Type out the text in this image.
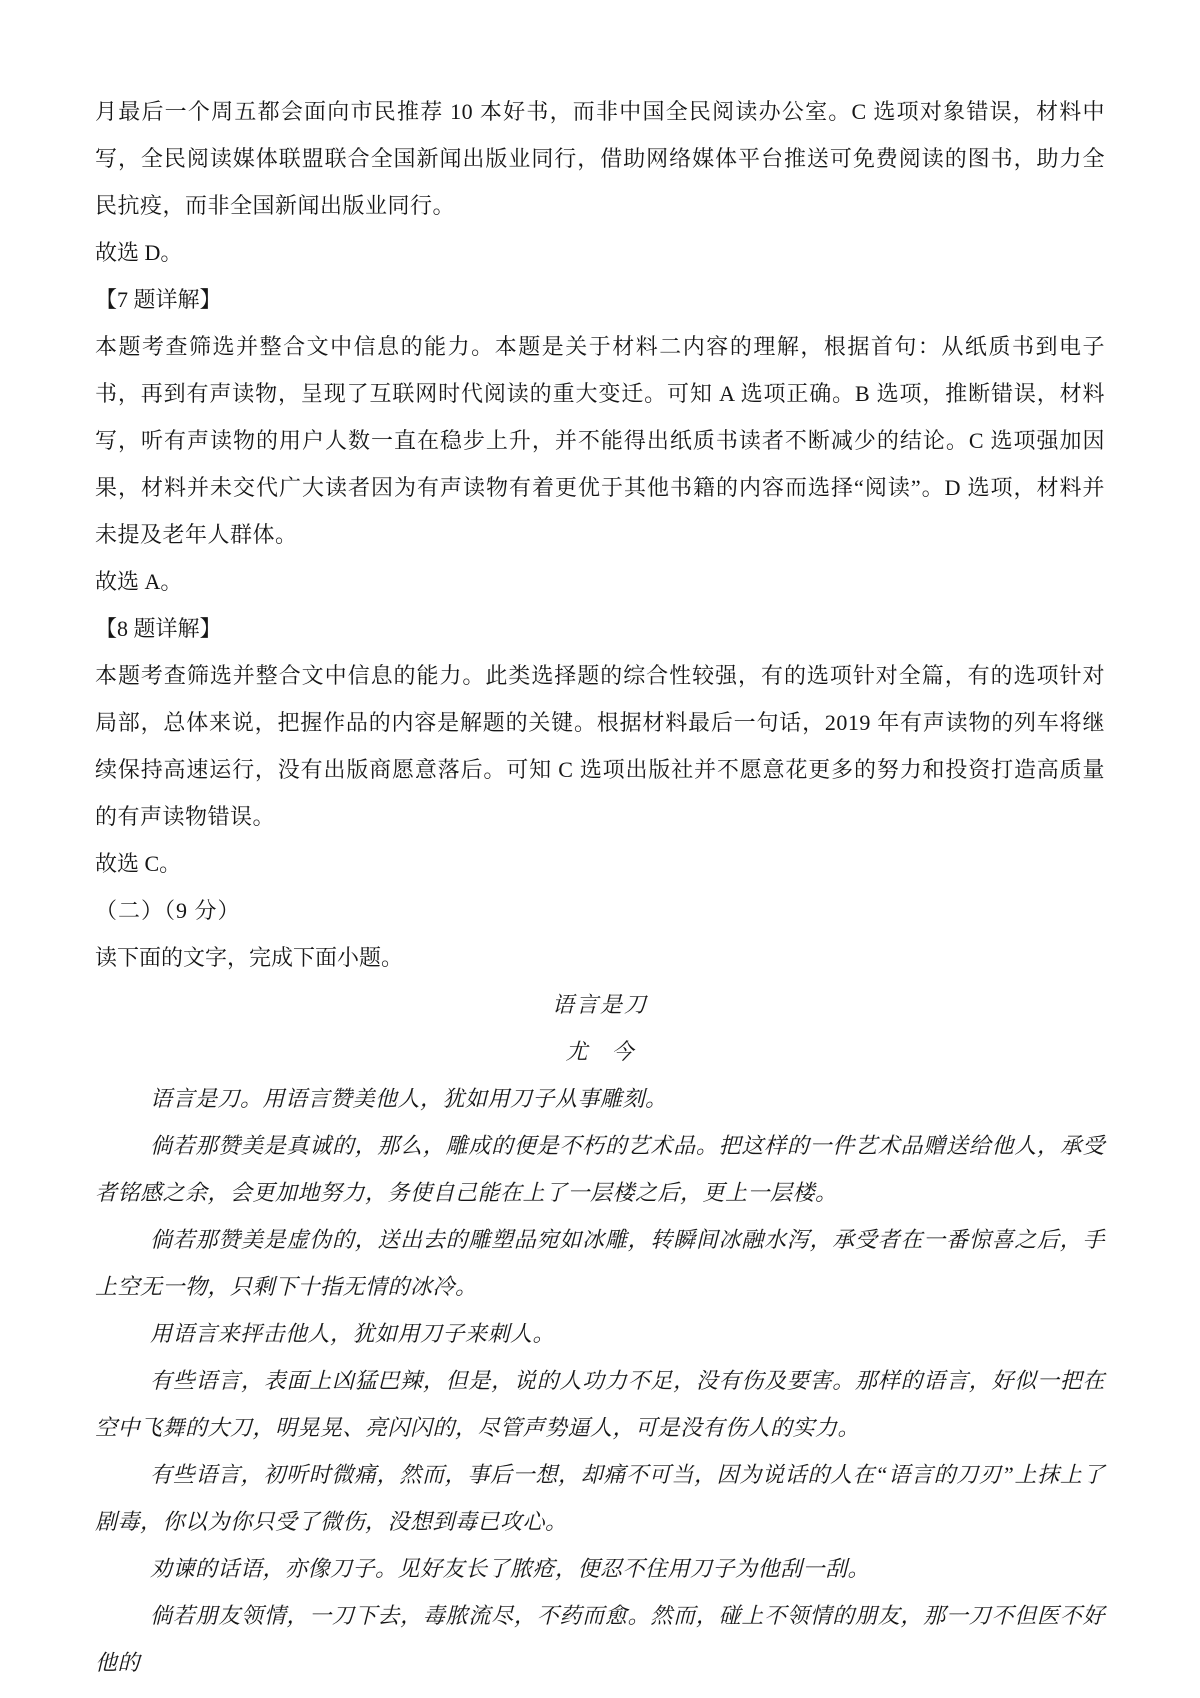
月最后一个周五都会面向市民推荐 10 本好书，而非中国全民阅读办公室。C 选项对象错误，材料中写，全民阅读媒体联盟联合全国新闻出版业同行，借助网络媒体平台推送可免费阅读的图书，助力全民抗疫，而非全国新闻出版业同行。

故选 D。

【7 题详解】

本题考查筛选并整合文中信息的能力。本题是关于材料二内容的理解，根据首句：从纸质书到电子书，再到有声读物，呈现了互联网时代阅读的重大变迁。可知 A 选项正确。B 选项，推断错误，材料写，听有声读物的用户人数一直在稳步上升，并不能得出纸质书读者不断减少的结论。C 选项强加因果，材料并未交代广大读者因为有声读物有着更优于其他书籍的内容而选择“阅读”。D 选项，材料并未提及老年人群体。

故选 A。

【8 题详解】

本题考查筛选并整合文中信息的能力。此类选择题的综合性较强，有的选项针对全篇，有的选项针对局部，总体来说，把握作品的内容是解题的关键。根据材料最后一句话，2019 年有声读物的列车将继续保持高速运行，没有出版商愿意落后。可知 C 选项出版社并不愿意花更多的努力和投资打造高质量的有声读物错误。

故选 C。

（二）（9 分）

读下面的文字，完成下面小题。

语言是刀

尤　今

语言是刀。用语言赞美他人，犹如用刀子从事雕刻。

倘若那赞美是真诚的，那么，雕成的便是不朽的艺术品。把这样的一件艺术品赠送给他人，承受者铭感之余，会更加地努力，务使自己能在上了一层楼之后，更上一层楼。

倘若那赞美是虚伪的，送出去的雕塑品宛如冰雕，转瞬间冰融水泻，承受者在一番惊喜之后，手上空无一物，只剩下十指无情的冰冷。

用语言来抨击他人，犹如用刀子来刺人。

有些语言，表面上凶猛巴辣，但是，说的人功力不足，没有伤及要害。那样的语言，好似一把在空中飞舞的大刀，明晃晃、亮闪闪的，尽管声势逼人，可是没有伤人的实力。

有些语言，初听时微痛，然而，事后一想，却痛不可当，因为说话的人在“语言的刀刃”上抹上了剧毒，你以为你只受了微伤，没想到毒已攻心。

劝谏的话语，亦像刀子。见好友长了脓疮，便忍不住用刀子为他刮一刮。

倘若朋友领情，一刀下去，毒脓流尽，不药而愈。然而，碰上不领情的朋友，那一刀不但医不好他的
